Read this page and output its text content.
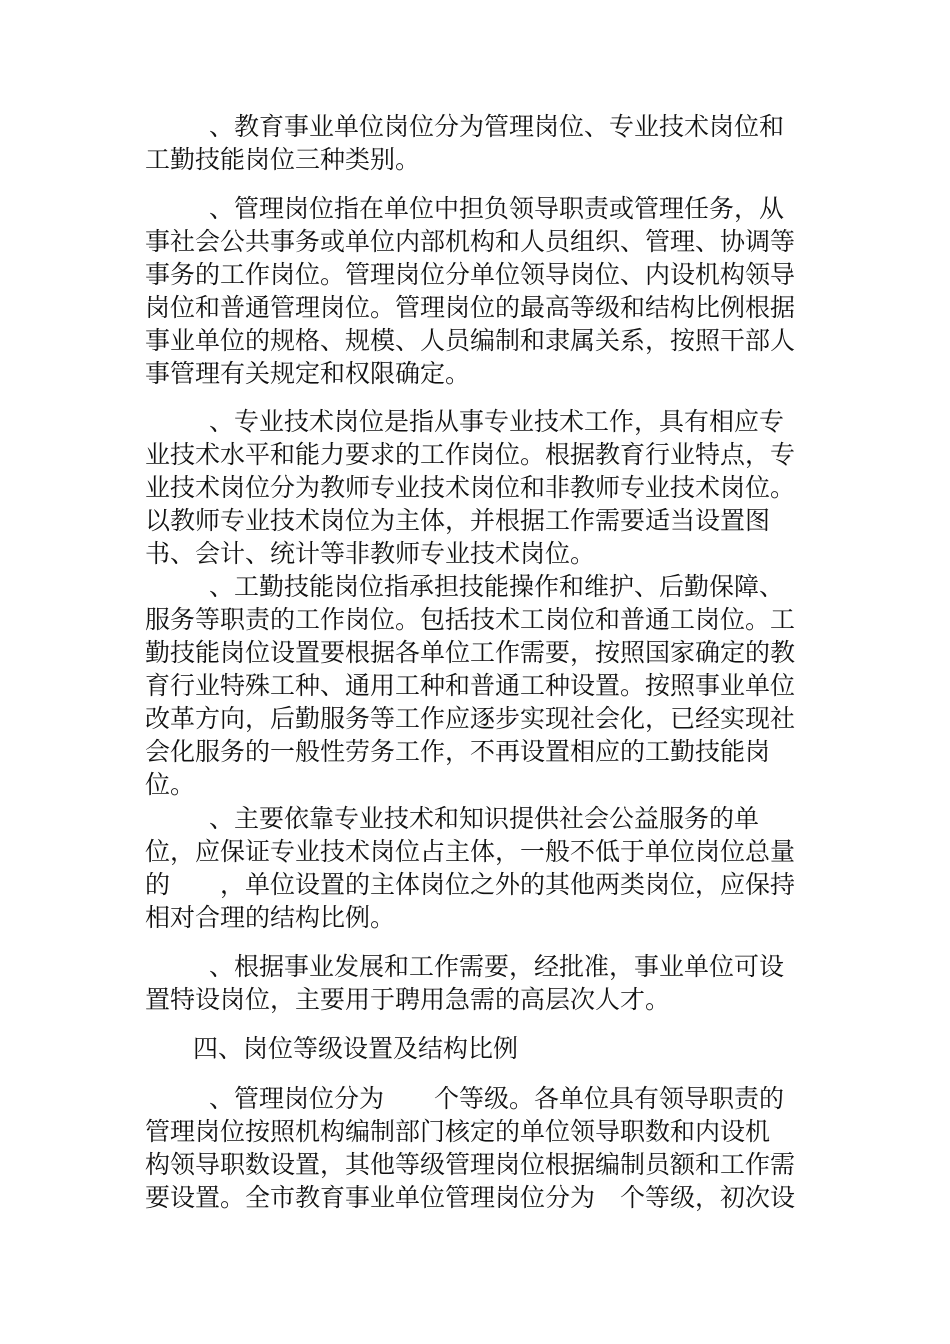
、教育事业单位岗位分为管理岗位、专业技术岗位和
工勤技能岗位三种类别。
、管理岗位指在单位中担负领导职责或管理任务，从
事社会公共事务或单位内部机构和人员组织、管理、协调等
事务的工作岗位。管理岗位分单位领导岗位、内设机构领导
岗位和普通管理岗位。管理岗位的最高等级和结构比例根据
事业单位的规格、规模、人员编制和隶属关系，按照干部人
事管理有关规定和权限确定。
、专业技术岗位是指从事专业技术工作，具有相应专
业技术水平和能力要求的工作岗位。根据教育行业特点，专
业技术岗位分为教师专业技术岗位和非教师专业技术岗位。
以教师专业技术岗位为主体，并根据工作需要适当设置图
书、会计、统计等非教师专业技术岗位。
、工勤技能岗位指承担技能操作和维护、后勤保障、
服务等职责的工作岗位。包括技术工岗位和普通工岗位。工
勤技能岗位设置要根据各单位工作需要，按照国家确定的教
育行业特殊工种、通用工种和普通工种设置。按照事业单位
改革方向，后勤服务等工作应逐步实现社会化，已经实现社
会化服务的一般性劳务工作，不再设置相应的工勤技能岗
位。
、主要依靠专业技术和知识提供社会公益服务的单
位，应保证专业技术岗位占主体，一般不低于单位岗位总量
的　　，单位设置的主体岗位之外的其他两类岗位，应保持
相对合理的结构比例。
、根据事业发展和工作需要，经批准，事业单位可设
置特设岗位，主要用于聘用急需的高层次人才。
四、岗位等级设置及结构比例
、管理岗位分为　　个等级。各单位具有领导职责的
管理岗位按照机构编制部门核定的单位领导职数和内设机
构领导职数设置，其他等级管理岗位根据编制员额和工作需
要设置。全市教育事业单位管理岗位分为　个等级，初次设
